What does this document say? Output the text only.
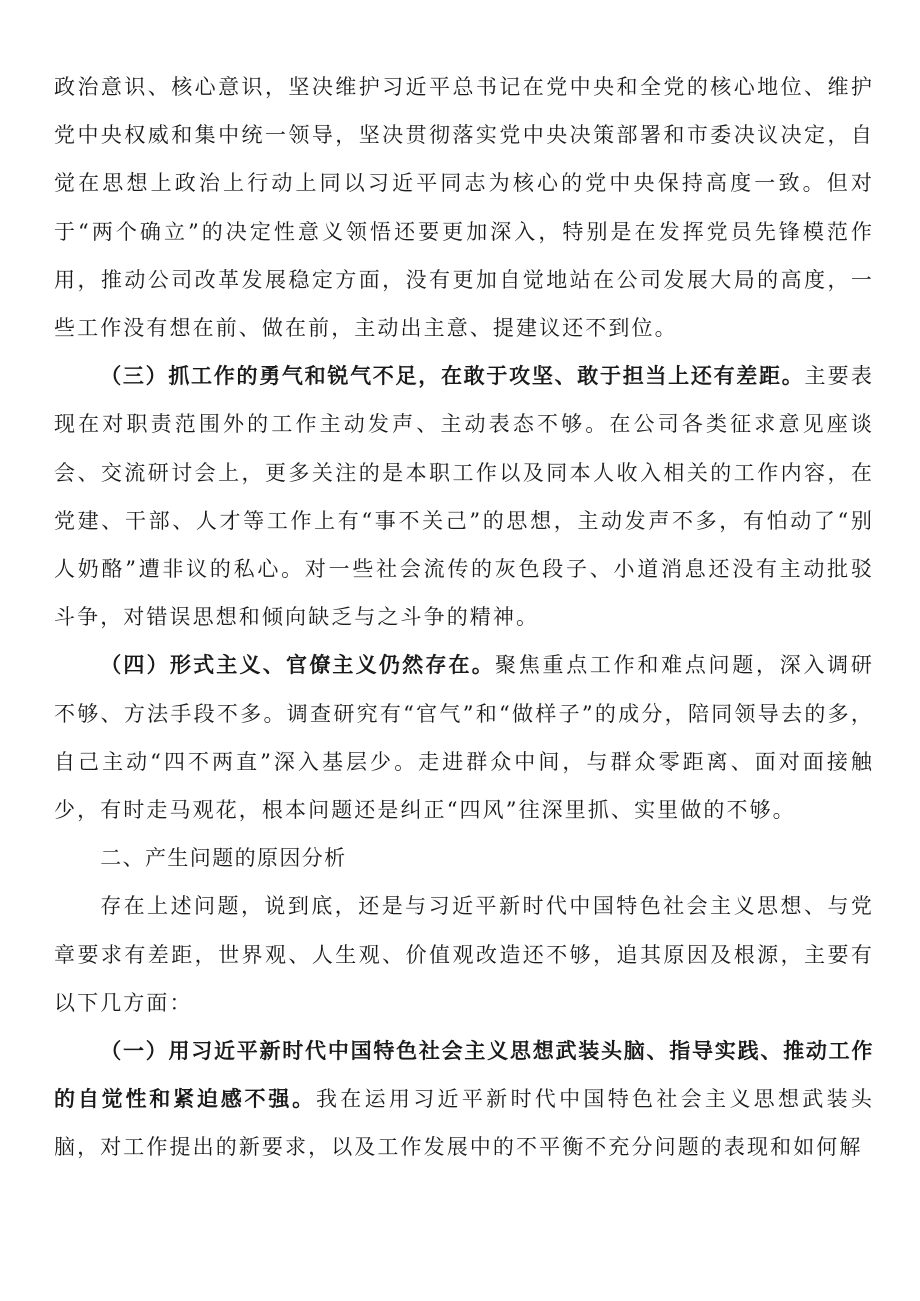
政治意识、核心意识，坚决维护习近平总书记在党中央和全党的核心地位、维护党中央权威和集中统一领导，坚决贯彻落实党中央决策部署和市委决议决定，自觉在思想上政治上行动上同以习近平同志为核心的党中央保持高度一致。但对于“两个确立”的决定性意义领悟还要更加深入，特别是在发挥党员先锋模范作用，推动公司改革发展稳定方面，没有更加自觉地站在公司发展大局的高度，一些工作没有想在前、做在前，主动出主意、提建议还不到位。

（三）抓工作的勇气和锐气不足，在敢于攻坚、敢于担当上还有差距。主要表现在对职责范围外的工作主动发声、主动表态不够。在公司各类征求意见座谈会、交流研讨会上，更多关注的是本职工作以及同本人收入相关的工作内容，在党建、干部、人才等工作上有“事不关己”的思想，主动发声不多，有怕动了“别人奶酪”遭非议的私心。对一些社会流传的灰色段子、小道消息还没有主动批驳斗争，对错误思想和倾向缺乏与之斗争的精神。

（四）形式主义、官僚主义仍然存在。聚焦重点工作和难点问题，深入调研不够、方法手段不多。调查研究有“官气”和“做样子”的成分，陪同领导去的多，自己主动“四不两直”深入基层少。走进群众中间，与群众零距离、面对面接触少，有时走马观花，根本问题还是纠正“四风”往深里抓、实里做的不够。

二、产生问题的原因分析

存在上述问题，说到底，还是与习近平新时代中国特色社会主义思想、与党章要求有差距，世界观、人生观、价值观改造还不够，追其原因及根源，主要有以下几方面：

（一）用习近平新时代中国特色社会主义思想武装头脑、指导实践、推动工作的自觉性和紧迫感不强。我在运用习近平新时代中国特色社会主义思想武装头脑，对工作提出的新要求，以及工作发展中的不平衡不充分问题的表现和如何解
